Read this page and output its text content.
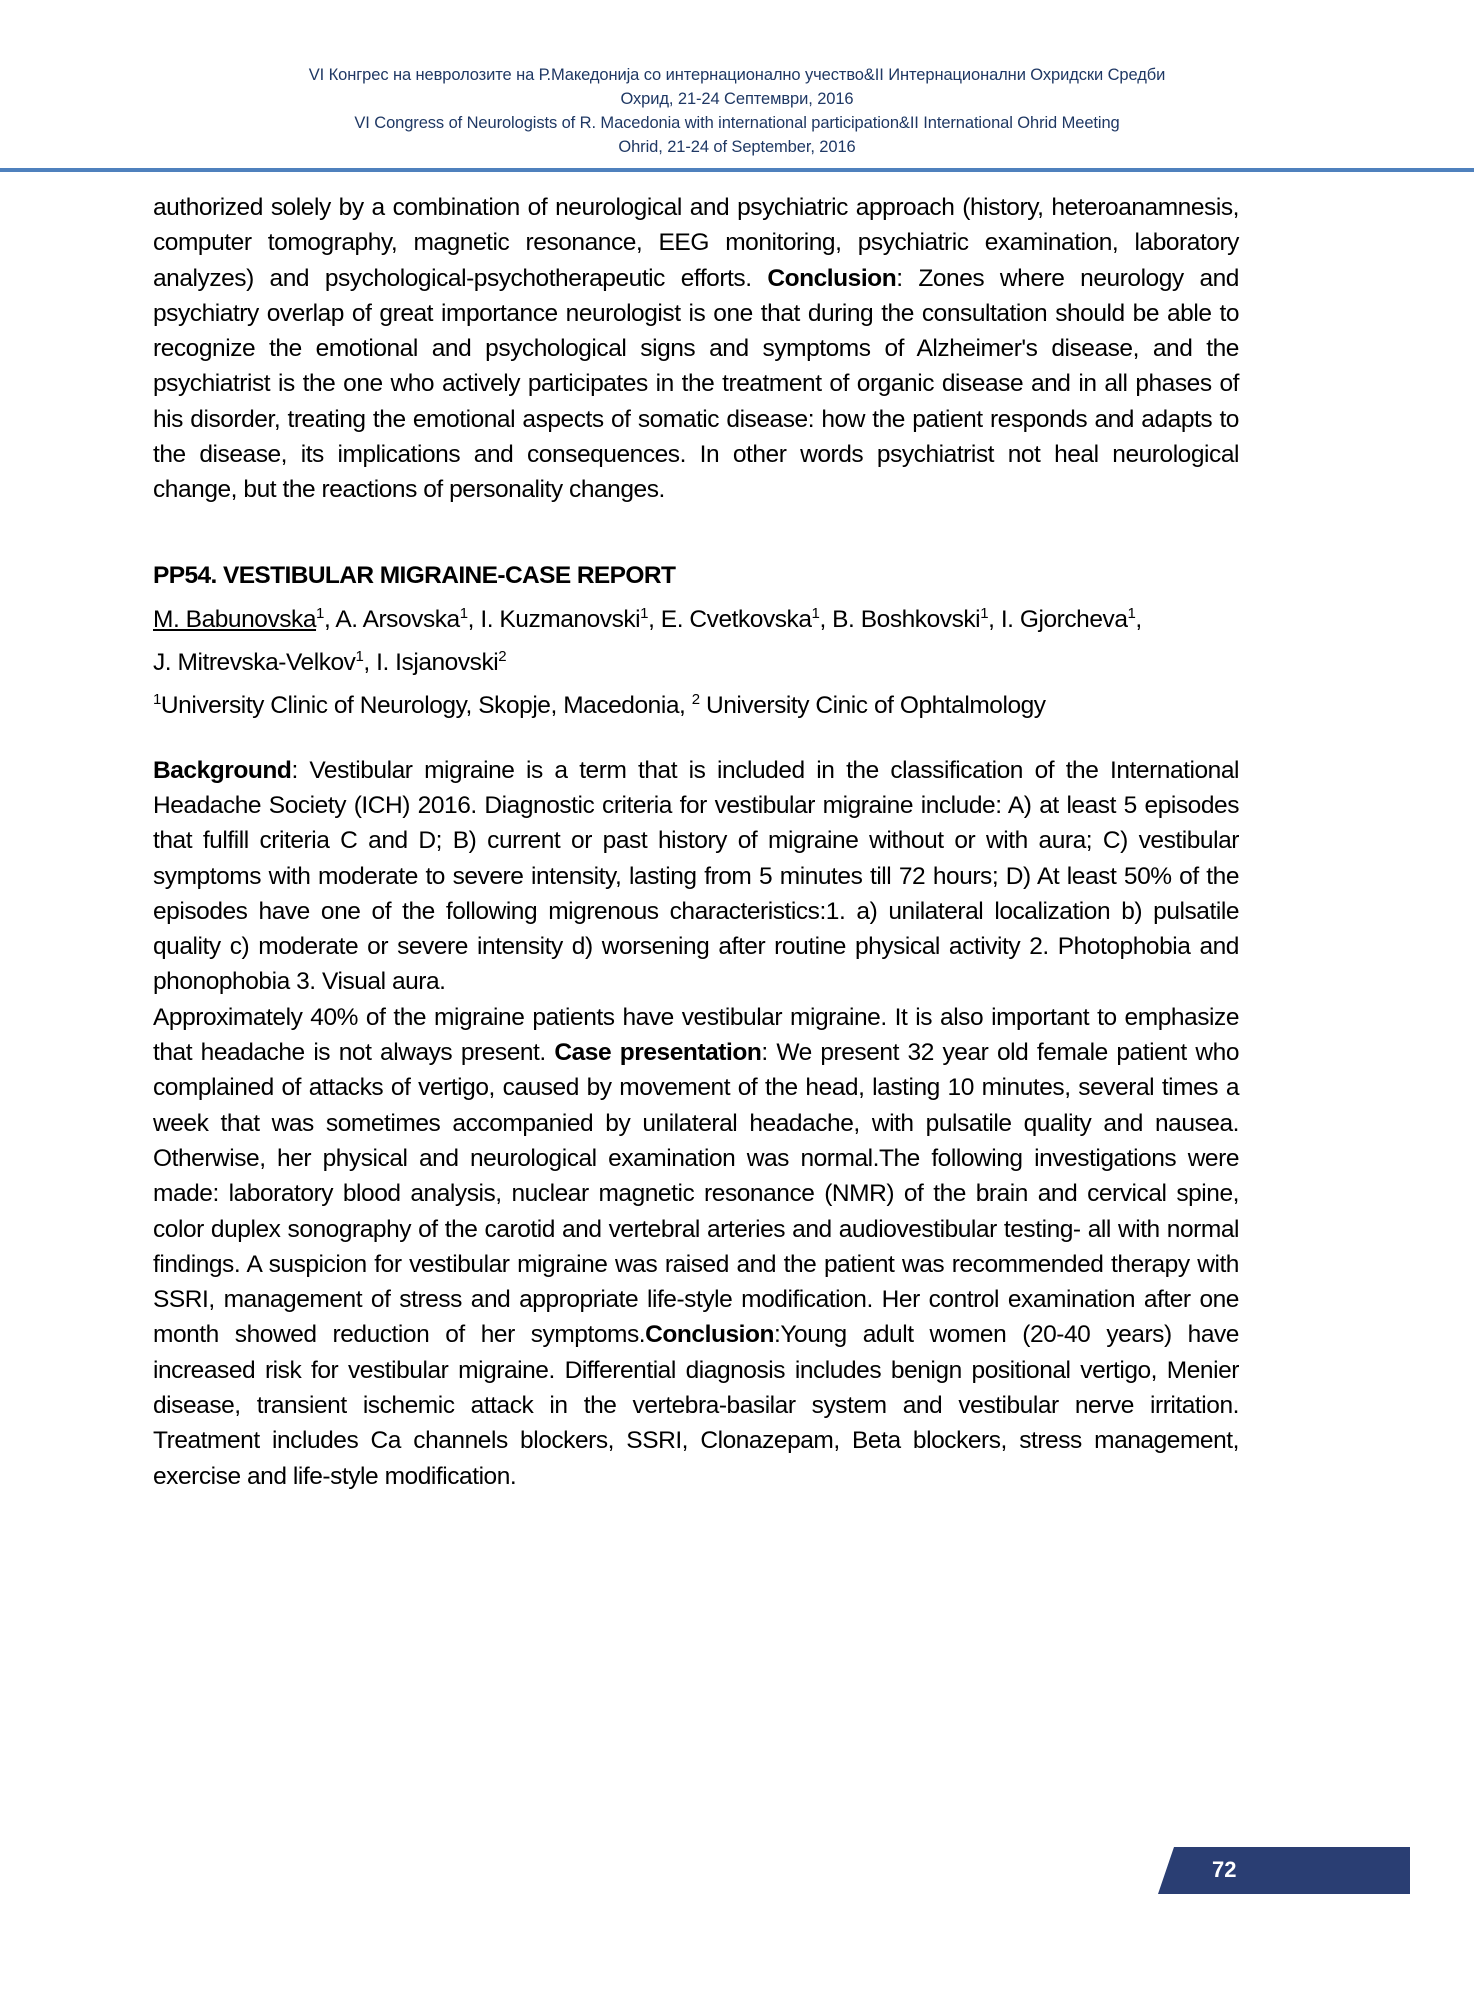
VI Конгрес на невролозите на Р.Македонија со интернационално учество&II Интернационални Охридски Средби
Охрид, 21-24 Септември, 2016
VI Congress of Neurologists of R. Macedonia with international participation&II International Ohrid Meeting
Ohrid, 21-24 of September, 2016

authorized solely by a combination of neurological and psychiatric approach (history, heteroanamnesis, computer tomography, magnetic resonance, EEG monitoring, psychiatric examination, laboratory analyzes) and psychological-psychotherapeutic efforts. Conclusion: Zones where neurology and psychiatry overlap of great importance neurologist is one that during the consultation should be able to recognize the emotional and psychological signs and symptoms of Alzheimer's disease, and the psychiatrist is the one who actively participates in the treatment of organic disease and in all phases of his disorder, treating the emotional aspects of somatic disease: how the patient responds and adapts to the disease, its implications and consequences. In other words psychiatrist not heal neurological change, but the reactions of personality changes.

PP54. VESTIBULAR MIGRAINE-CASE REPORT
M. Babunovska$^1$, A. Arsovska$^1$, I. Kuzmanovski$^1$, E. Cvetkovska$^1$, B. Boshkovski$^1$, I. Gjorcheva$^1$,
J. Mitrevska-Velkov$^1$, I. Isjanovski$^2$
$^1$University Clinic of Neurology, Skopje, Macedonia, $^2$ University Cinic of Ophtalmology

Background: Vestibular migraine is a term that is included in the classification of the International Headache Society (ICH) 2016. Diagnostic criteria for vestibular migraine include: A) at least 5 episodes that fulfill criteria C and D; B) current or past history of migraine without or with aura; C) vestibular symptoms with moderate to severe intensity, lasting from 5 minutes till 72 hours; D) At least 50% of the episodes have one of the following migrenous characteristics:1. a) unilateral localization b) pulsatile quality c) moderate or severe intensity d) worsening after routine physical activity 2. Photophobia and phonophobia 3. Visual aura.

Approximately 40% of the migraine patients have vestibular migraine. It is also important to emphasize that headache is not always present. Case presentation: We present 32 year old female patient who complained of attacks of vertigo, caused by movement of the head, lasting 10 minutes, several times a week that was sometimes accompanied by unilateral headache, with pulsatile quality and nausea. Otherwise, her physical and neurological examination was normal.The following investigations were made: laboratory blood analysis, nuclear magnetic resonance (NMR) of the brain and cervical spine, color duplex sonography of the carotid and vertebral arteries and audiovestibular testing- all with normal findings. A suspicion for vestibular migraine was raised and the patient was recommended therapy with SSRI, management of stress and appropriate life-style modification. Her control examination after one month showed reduction of her symptoms.Conclusion:Young adult women (20-40 years) have increased risk for vestibular migraine. Differential diagnosis includes benign positional vertigo, Menier disease, transient ischemic attack in the vertebra-basilar system and vestibular nerve irritation. Treatment includes Ca channels blockers, SSRI, Clonazepam, Beta blockers, stress management, exercise and life-style modification.

72
